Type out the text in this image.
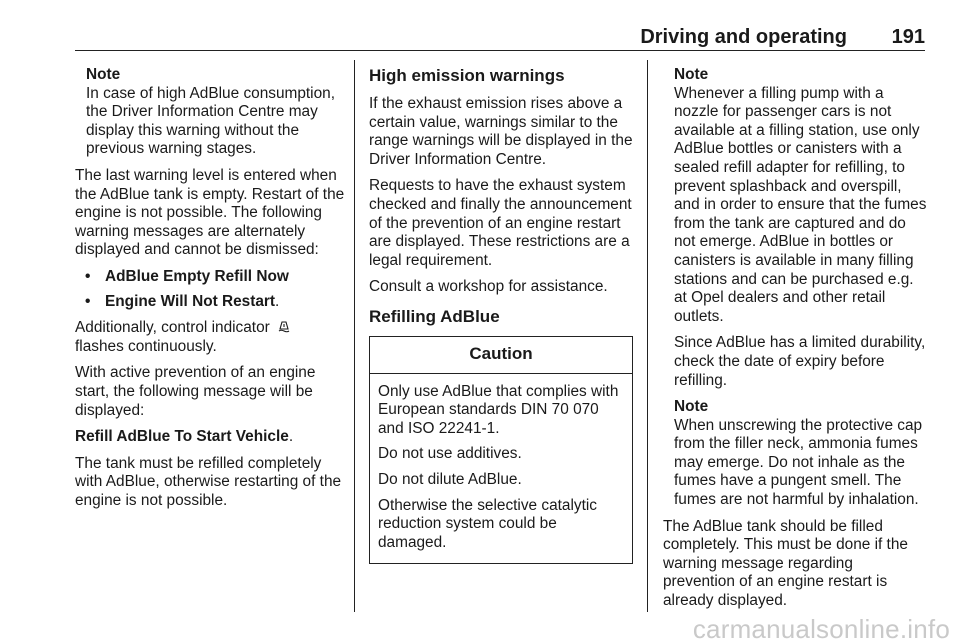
Driving and operating 191
Note
In case of high AdBlue consumption, the Driver Information Centre may display this warning without the previous warning stages.

The last warning level is entered when the AdBlue tank is empty. Restart of the engine is not possible. The following warning messages are alternately displayed and cannot be dismissed:

• AdBlue Empty Refill Now
• Engine Will Not Restart.

Additionally, control indicator
flashes continuously.

With active prevention of an engine start, the following message will be displayed:

Refill AdBlue To Start Vehicle.

The tank must be refilled completely with AdBlue, otherwise restarting of the engine is not possible.

High emission warnings

If the exhaust emission rises above a certain value, warnings similar to the range warnings will be displayed in the Driver Information Centre.

Requests to have the exhaust system checked and finally the announcement of the prevention of an engine restart are displayed. These restrictions are a legal requirement.

Consult a workshop for assistance.

Refilling AdBlue
Caution

Only use AdBlue that complies with European standards DIN 70 070 and ISO 22241-1.

Do not use additives.

Do not dilute AdBlue.

Otherwise the selective catalytic reduction system could be damaged.

Note
Whenever a filling pump with a nozzle for passenger cars is not available at a filling station, use only AdBlue bottles or canisters with a sealed refill adapter for refilling, to prevent splashback and overspill, and in order to ensure that the fumes from the tank are captured and do not emerge. AdBlue in bottles or canisters is available in many filling stations and can be purchased e.g. at Opel dealers and other retail outlets.

Since AdBlue has a limited durability, check the date of expiry before refilling.

Note
When unscrewing the protective cap from the filler neck, ammonia fumes may emerge. Do not inhale as the fumes have a pungent smell. The fumes are not harmful by inhalation.

The AdBlue tank should be filled completely. This must be done if the warning message regarding prevention of an engine restart is already displayed.

carmanualsonline.info
